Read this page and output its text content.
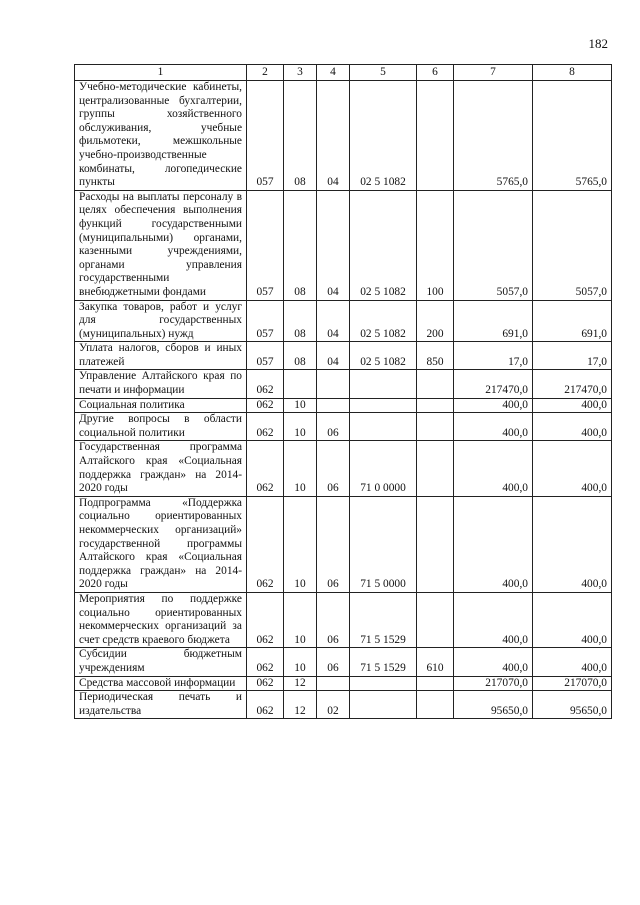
182
1	2	3	4	5	6	7	8
Учебно-методические кабинеты, централизованные бухгалтерии, группы хозяйственного обслуживания, учебные фильмотеки, межшкольные учебно-производственные комбинаты, логопедические пункты	057	08	04	02 5 1082		5765,0	5765,0
Расходы на выплаты персоналу в целях обеспечения выполнения функций государственными (муниципальными) органами, казенными учреждениями, органами управления государственными внебюджетными фондами	057	08	04	02 5 1082	100	5057,0	5057,0
Закупка товаров, работ и услуг для государственных (муниципальных) нужд	057	08	04	02 5 1082	200	691,0	691,0
Уплата налогов, сборов и иных платежей	057	08	04	02 5 1082	850	17,0	17,0
Управление Алтайского края по печати и информации	062					217470,0	217470,0
Социальная политика	062	10				400,0	400,0
Другие вопросы в области социальной политики	062	10	06			400,0	400,0
Государственная программа Алтайского края «Социальная поддержка граждан» на 2014-2020 годы	062	10	06	71 0 0000		400,0	400,0
Подпрограмма «Поддержка социально ориентированных некоммерческих организаций» государственной программы Алтайского края «Социальная поддержка граждан» на 2014-2020 годы	062	10	06	71 5 0000		400,0	400,0
Мероприятия по поддержке социально ориентированных некоммерческих организаций за счет средств краевого бюджета	062	10	06	71 5 1529		400,0	400,0
Субсидии бюджетным учреждениям	062	10	06	71 5 1529	610	400,0	400,0
Средства массовой информации	062	12				217070,0	217070,0
Периодическая печать и издательства	062	12	02			95650,0	95650,0
